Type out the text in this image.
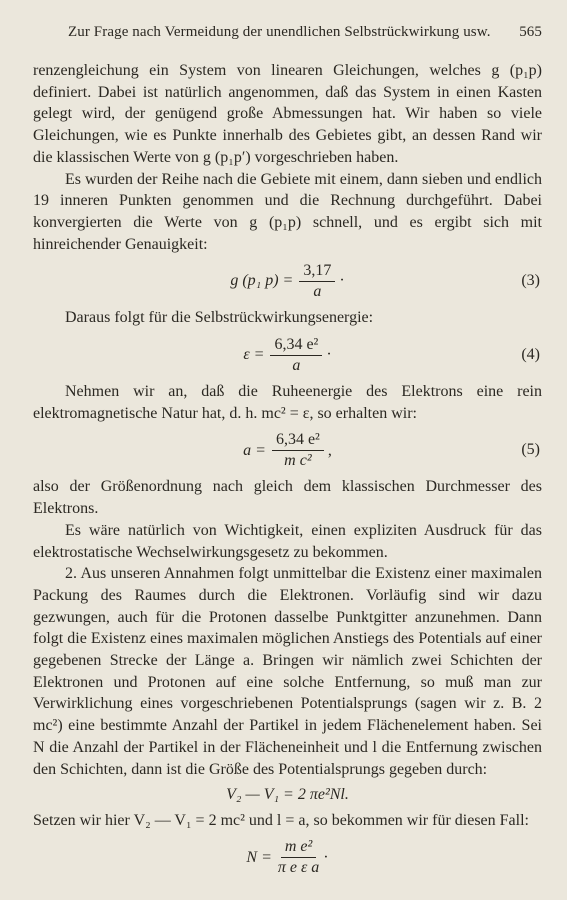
Zur Frage nach Vermeidung der unendlichen Selbstrückwirkung usw. 565

renzengleichung ein System von linearen Gleichungen, welches g (p₁p) definiert. Dabei ist natürlich angenommen, daß das System in einen Kasten gelegt wird, der genügend große Abmessungen hat. Wir haben so viele Gleichungen, wie es Punkte innerhalb des Gebietes gibt, an dessen Rand wir die klassischen Werte von g (p₁p′) vorgeschrieben haben.

Es wurden der Reihe nach die Gebiete mit einem, dann sieben und endlich 19 inneren Punkten genommen und die Rechnung durchgeführt. Dabei konvergierten die Werte von g (p₁p) schnell, und es ergibt sich mit hinreichender Genauigkeit:

g (p₁ $p) = \frac{3,17}{a}$ ·	(3)

Daraus folgt für die Selbstrückwirkungsenergie:

$\varepsilon = \frac{\text{6,34 e²}}{a}$ ·	(4)

Nehmen wir an, daß die Ruheenergie des Elektrons eine rein elektromagnetische Natur hat, d. h. mc² = ε, so erhalten wir:

$a = \frac{\text{6,34 e²}}{\text{m c²}}$ ,	(5)

also der Größenordnung nach gleich dem klassischen Durchmesser des Elektrons.

Es wäre natürlich von Wichtigkeit, einen expliziten Ausdruck für das elektrostatische Wechselwirkungsgesetz zu bekommen.

2. Aus unseren Annahmen folgt unmittelbar die Existenz einer maximalen Packung des Raumes durch die Elektronen. Vorläufig sind wir dazu gezwungen, auch für die Protonen dasselbe Punktgitter anzunehmen. Dann folgt die Existenz eines maximalen möglichen Anstiegs des Potentials auf einer gegebenen Strecke der Länge a. Bringen wir nämlich zwei Schichten der Elektronen und Protonen auf eine solche Entfernung, so muß man zur Verwirklichung eines vorgeschriebenen Potentialsprungs (sagen wir z. B. 2 mc²) eine bestimmte Anzahl der Partikel in jedem Flächenelement haben. Sei N die Anzahl der Partikel in der Flächeneinheit und l die Entfernung zwischen den Schichten, dann ist die Größe des Potentialsprungs gegeben durch:

V₂ — V₁ = 2 πe²Nl.

Setzen wir hier V₂ — V₁ = 2 mc² und l = a, so bekommen wir für diesen Fall:

$N = \frac{\text{m e²}}{\text{π e ε a}}$ ·
